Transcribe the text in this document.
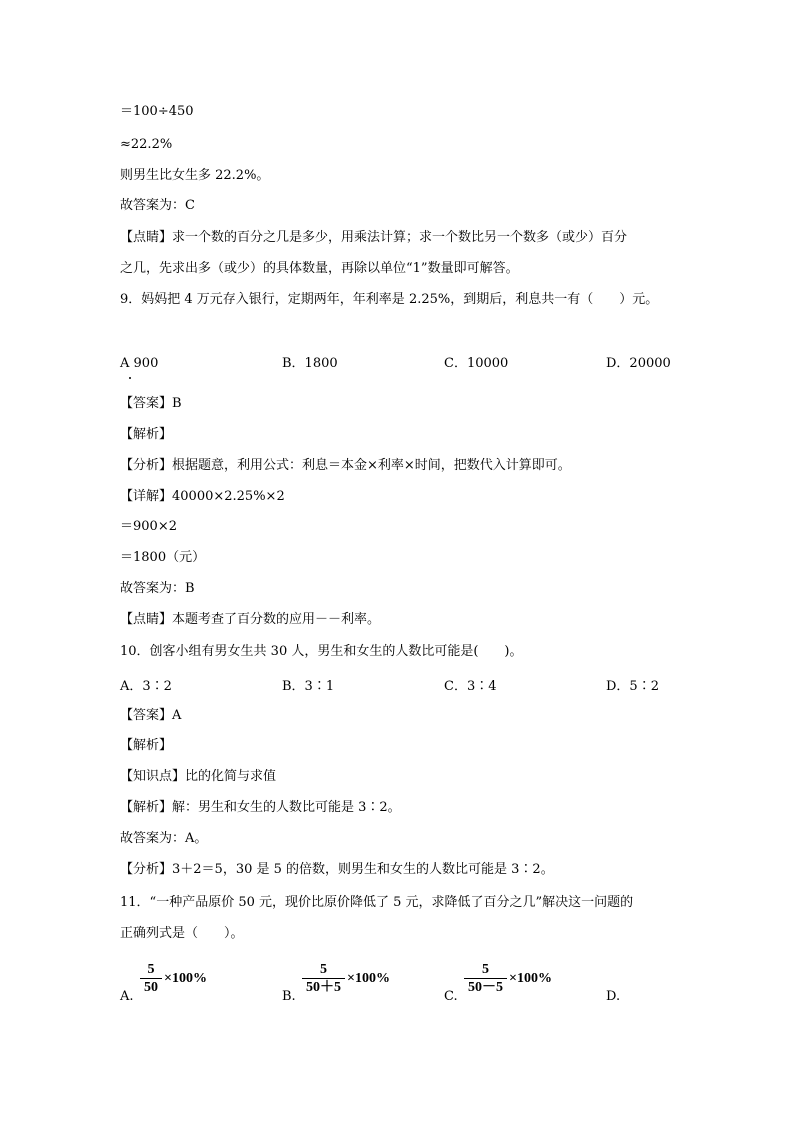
＝100÷450
≈22.2%
则男生比女生多 22.2%。
故答案为：C
【点睛】求一个数的百分之几是多少，用乘法计算；求一个数比另一个数多（或少）百分
之几，先求出多（或少）的具体数量，再除以单位“1”数量即可解答。
9．妈妈把 4 万元存入银行，定期两年，年利率是 2.25%，到期后，利息共一有（　　）元。
A 900	B．1800	C．10000	D．20000
【答案】B
【解析】
【分析】根据题意，利用公式：利息＝本金×利率×时间，把数代入计算即可。
【详解】40000×2.25%×2
＝900×2
＝1800（元）
故答案为：B
【点睛】本题考查了百分数的应用－－利率。
10．创客小组有男女生共 30 人，男生和女生的人数比可能是(　　)。
A．3∶2	B．3∶1	C．3∶4	D．5∶2
【答案】A
【解析】
【知识点】比的化简与求值
【解析】解：男生和女生的人数比可能是 3∶2。
故答案为：A。
【分析】3＋2＝5，30 是 5 的倍数，则男生和女生的人数比可能是 3∶2。
11．“一种产品原价 50 元，现价比原价降低了 5 元，求降低了百分之几”解决这一问题的
正确列式是（　　）。
A.
$\frac{5}{50} \times 100\%$
B.
$\frac{5}{50+5} \times 100\%$
C.
$\frac{5}{50-5} \times 100\%$
D.
